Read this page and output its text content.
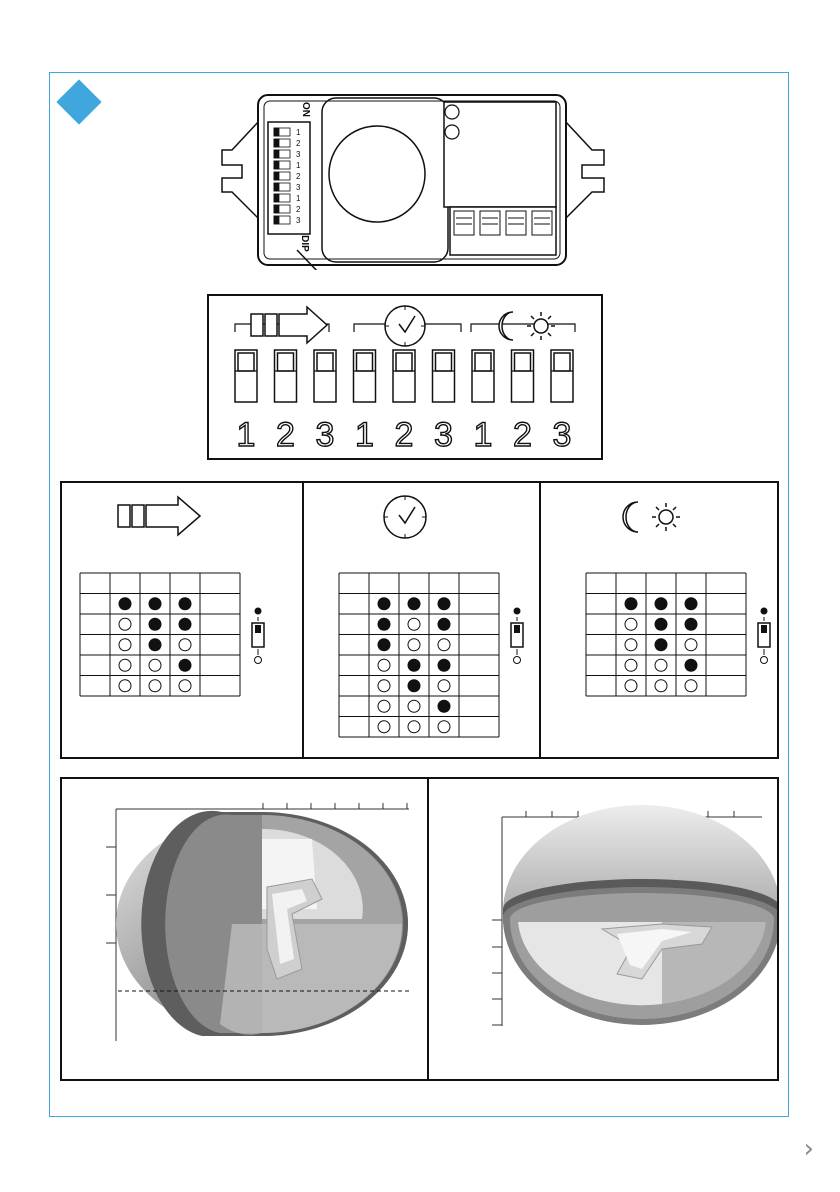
1
2
3
1
2
3
1
2
3
ON
DIP
1 2 3 1 2 3 1 2 3
›
